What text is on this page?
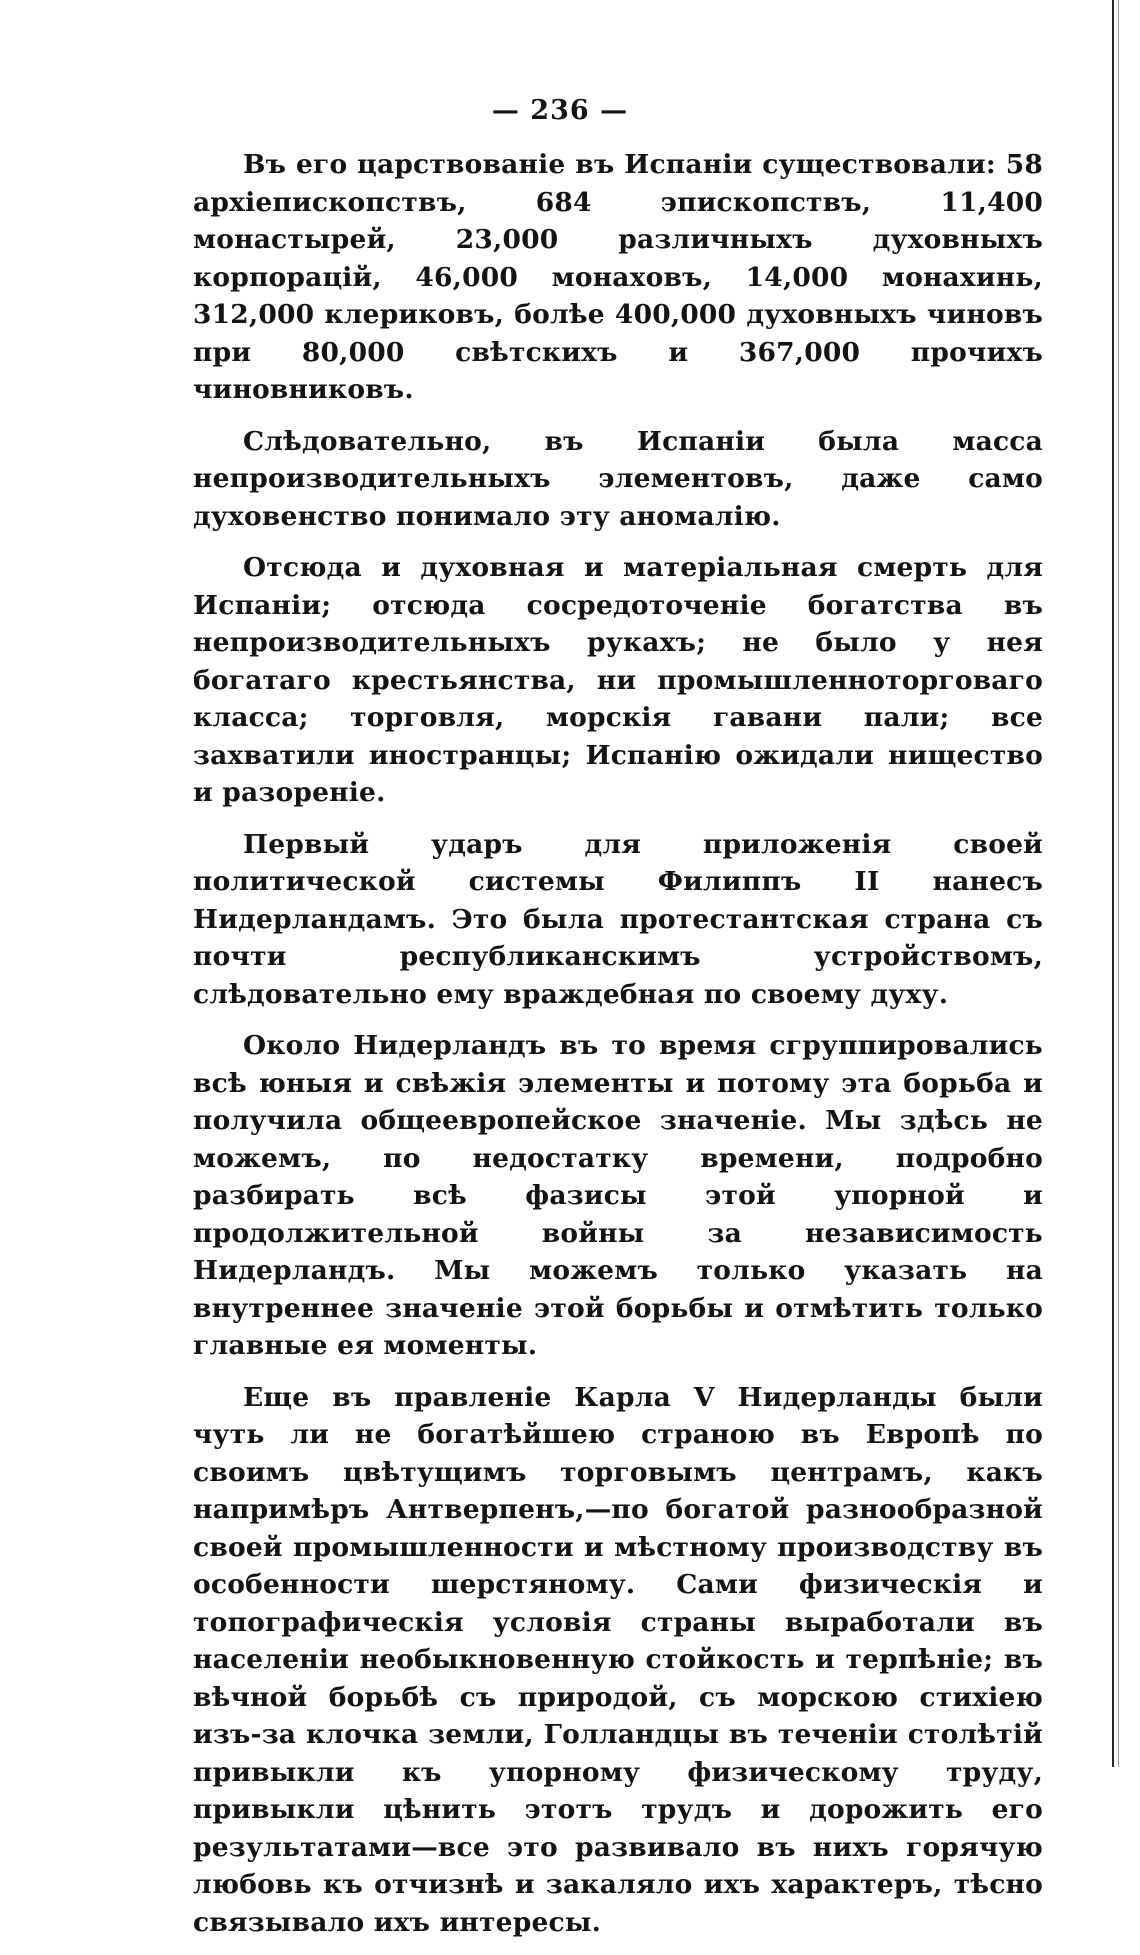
— 236 —

Въ его царствованіе въ Испаніи существовали: 58 архіепископствъ, 684 эпископствъ, 11,400 монастырей, 23,000 различныхъ духовныхъ корпорацій, 46,000 монаховъ, 14,000 монахинь, 312,000 клериковъ, болѣе 400,000 духовныхъ чиновъ при 80,000 свѣтскихъ и 367,000 прочихъ чиновниковъ.

Слѣдовательно, въ Испаніи была масса непроизводительныхъ элементовъ, даже само духовенство понимало эту аномалію.

Отсюда и духовная и матеріальная смерть для Испаніи; отсюда сосредоточеніе богатства въ непроизводительныхъ рукахъ; не было у нея богатаго крестьянства, ни промышленноторговаго класса; торговля, морскія гавани пали; все захватили иностранцы; Испанію ожидали нищество и разореніе.

Первый ударъ для приложенія своей политической системы Филиппъ II нанесъ Нидерландамъ. Это была протестантская страна съ почти республиканскимъ устройствомъ, слѣдовательно ему враждебная по своему духу.

Около Нидерландъ въ то время сгруппировались всѣ юныя и свѣжія элементы и потому эта борьба и получила общеевропейское значеніе. Мы здѣсь не можемъ, по недостатку времени, подробно разбирать всѣ фазисы этой упорной и продолжительной войны за независимость Нидерландъ. Мы можемъ только указать на внутреннее значеніе этой борьбы и отмѣтить только главные ея моменты.

Еще въ правленіе Карла V Нидерланды были чуть ли не богатѣйшею страною въ Европѣ по своимъ цвѣтущимъ торговымъ центрамъ, какъ напримѣръ Антверпенъ,—по богатой разнообразной своей промышленности и мѣстному производству въ особенности шерстяному. Сами физическія и топографическія условія страны выработали въ населеніи необыкновенную стойкость и терпѣніе; въ вѣчной борьбѣ съ природой, съ морскою стихіею изъ-за клочка земли, Голландцы въ теченіи столѣтій привыкли къ упорному физическому труду, привыкли цѣнить этотъ трудъ и дорожить его результатами—все это развивало въ нихъ горячую любовь къ отчизнѣ и закаляло ихъ характеръ, тѣсно связывало ихъ интересы.
